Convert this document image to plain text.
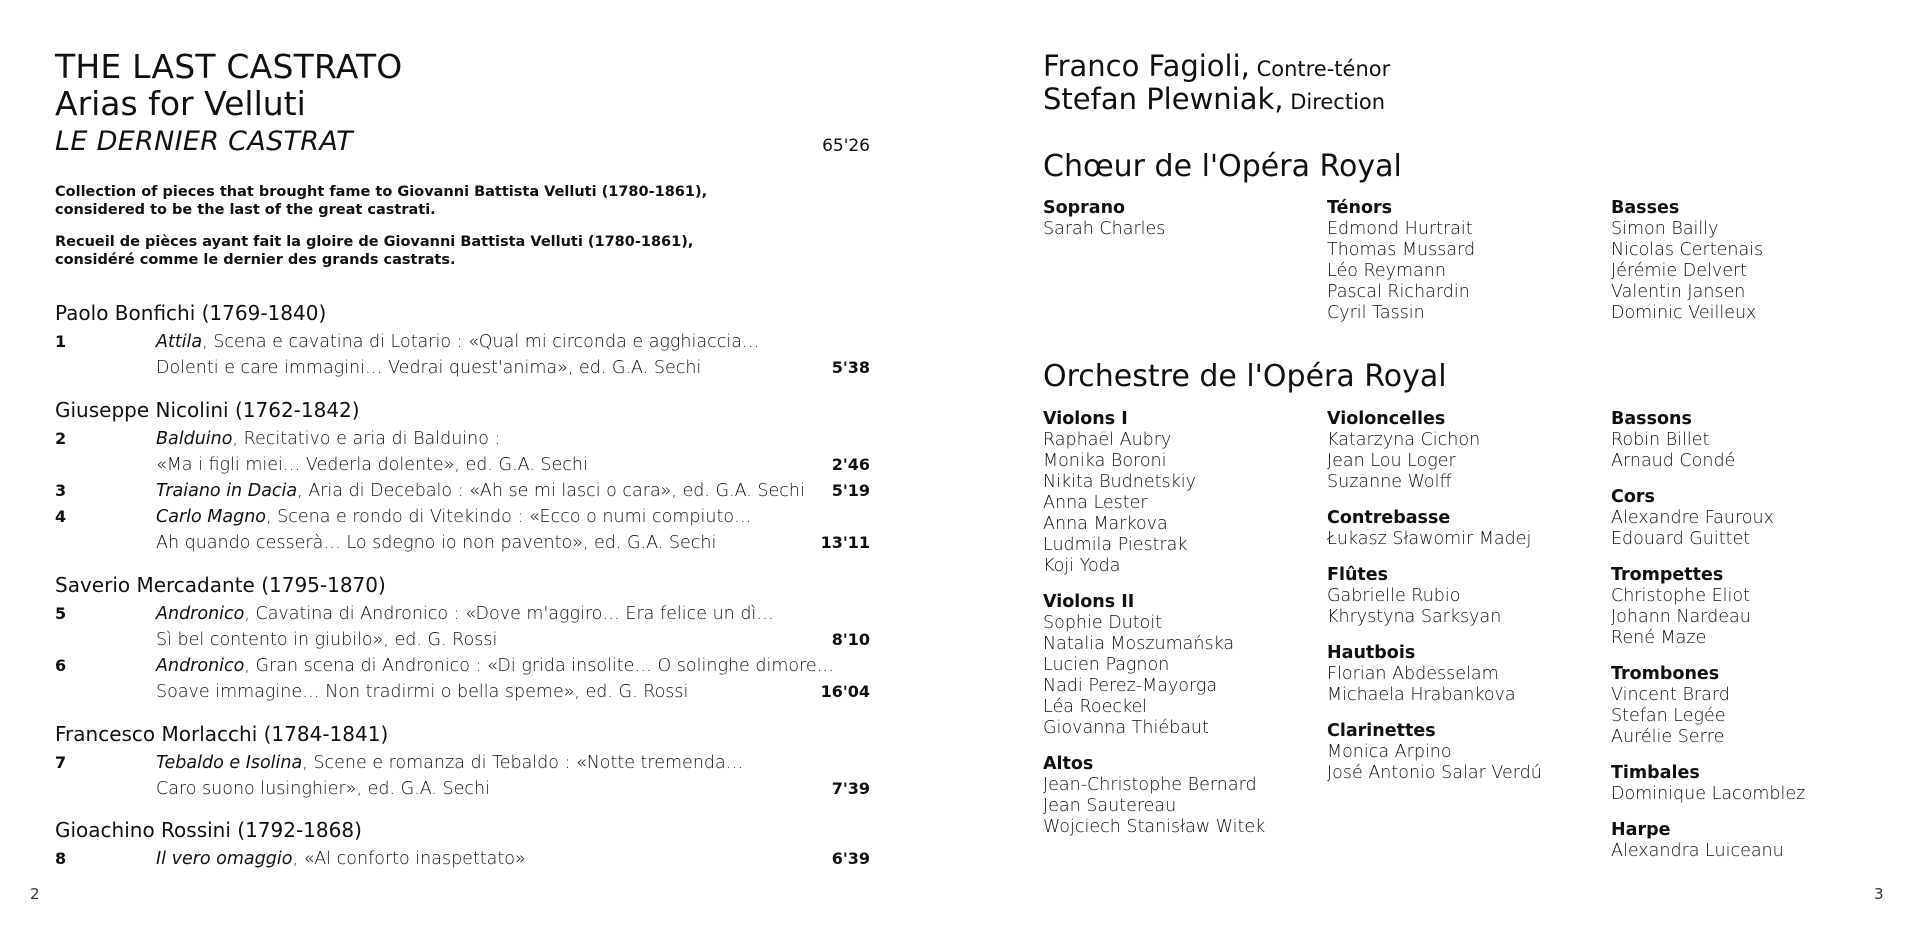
THE LAST CASTRATO
Arias for Velluti
LE DERNIER CASTRAT	65'26
Collection of pieces that brought fame to Giovanni Battista Velluti (1780-1861),
considered to be the last of the great castrati.
Recueil de pièces ayant fait la gloire de Giovanni Battista Velluti (1780-1861),
considéré comme le dernier des grands castrats.
Paolo Bonfichi (1769-1840)
1	Attila, Scena e cavatina di Lotario : «Qual mi circonda e agghiaccia…
Dolenti e care immagini… Vedrai quest'anima», ed. G.A. Sechi	5'38
Giuseppe Nicolini (1762-1842)
2	Balduino, Recitativo e aria di Balduino :
«Ma i figli miei… Vederla dolente», ed. G.A. Sechi	2'46
3	Traiano in Dacia, Aria di Decebalo : «Ah se mi lasci o cara», ed. G.A. Sechi 5'19
4	Carlo Magno, Scena e rondo di Vitekindo : «Ecco o numi compiuto…
Ah quando cesserà… Lo sdegno io non pavento», ed. G.A. Sechi	13'11
Saverio Mercadante (1795-1870)
5	Andronico, Cavatina di Andronico : «Dove m'aggiro… Era felice un dì…
Sì bel contento in giubilo», ed. G. Rossi	8'10
6	Andronico, Gran scena di Andronico : «Di grida insolite… O solinghe dimore…
Soave immagine… Non tradirmi o bella speme», ed. G. Rossi	16'04
Francesco Morlacchi (1784-1841)
7	Tebaldo e Isolina, Scene e romanza di Tebaldo : «Notte tremenda…
Caro suono lusinghier», ed. G.A. Sechi	7'39
Gioachino Rossini (1792-1868)
8	Il vero omaggio, «Al conforto inaspettato»	6'39
2
Franco Fagioli, Contre-ténor
Stefan Plewniak, Direction
Chœur de l'Opéra Royal
Soprano
Sarah Charles
Ténors
Edmond Hurtrait
Thomas Mussard
Léo Reymann
Pascal Richardin
Cyril Tassin
Basses
Simon Bailly
Nicolas Certenais
Jérémie Delvert
Valentin Jansen
Dominic Veilleux
Orchestre de l'Opéra Royal
Violons I
Raphaël Aubry
Monika Boroni
Nikita Budnetskiy
Anna Lester
Anna Markova
Ludmila Piestrak
Koji Yoda
Violons II
Sophie Dutoit
Natalia Moszumańska
Lucien Pagnon
Nadi Perez-Mayorga
Léa Roeckel
Giovanna Thiébaut
Altos
Jean-Christophe Bernard
Jean Sautereau
Wojciech Stanisław Witek
Violoncelles
Katarzyna Cichon
Jean Lou Loger
Suzanne Wolff
Contrebasse
Łukasz Sławomir Madej
Flûtes
Gabrielle Rubio
Khrystyna Sarksyan
Hautbois
Florian Abdesselam
Michaela Hrabankova
Clarinettes
Monica Arpino
José Antonio Salar Verdú
Bassons
Robin Billet
Arnaud Condé
Cors
Alexandre Fauroux
Edouard Guittet
Trompettes
Christophe Eliot
Johann Nardeau
René Maze
Trombones
Vincent Brard
Stefan Legée
Aurélie Serre
Timbales
Dominique Lacomblez
Harpe
Alexandra Luiceanu
3
